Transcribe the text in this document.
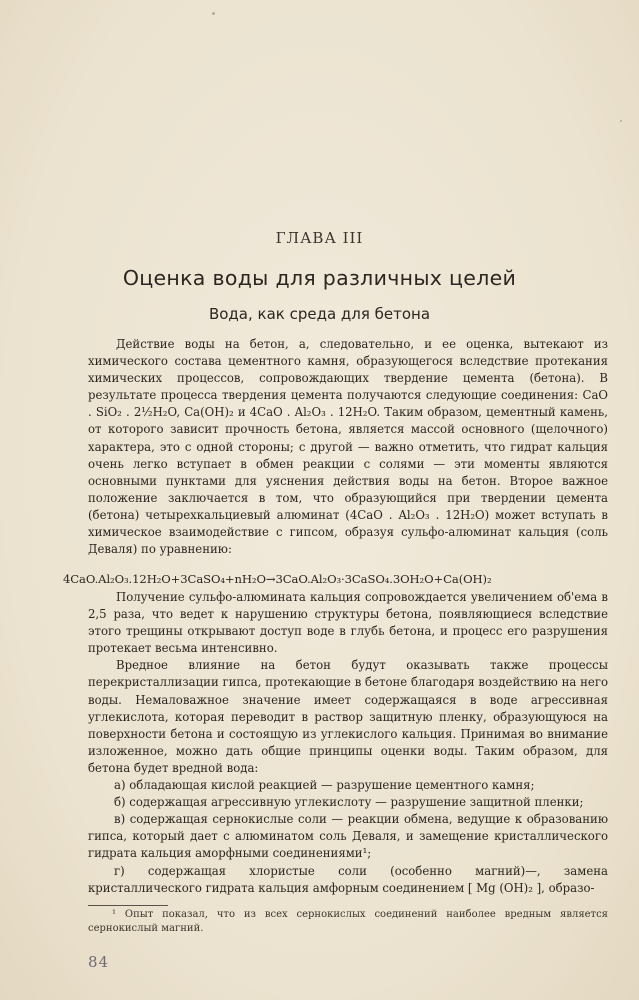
ГЛАВА III
Оценка воды для различных целей
Вода, как среда для бетона

Действие воды на бетон, а, следовательно, и ее оценка, вытекают из химического состава цементного камня, образующегося вследствие протекания химических процессов, сопровождающих твердение цемента (бетона). В результате процесса твердения цемента получаются следующие соединения: CaO . SiO₂ . 2½H₂O, Ca(OH)₂ и 4CaO . Al₂O₃ . 12H₂O. Таким образом, цементный камень, от которого зависит прочность бетона, является массой основного (щелочного) характера, это с одной стороны; с другой — важно отметить, что гидрат кальция очень легко вступает в обмен реакции с солями — эти моменты являются основными пунктами для уяснения действия воды на бетон. Второе важное положение заключается в том, что образующийся при твердении цемента (бетона) четырехкальциевый алюминат (4CaO . Al₂O₃ . 12H₂O) может вступать в химическое взаимодействие с гипсом, образуя сульфо-алюминат кальция (соль Деваля) по уравнению:

4CaO.Al₂O₃.12H₂O+3CaSO₄+nH₂O→3CaO.Al₂O₃·3CaSO₄.3OH₂O+Ca(OH)₂

Получение сульфо-алюмината кальция сопровождается увеличением об'ема в 2,5 раза, что ведет к нарушению структуры бетона, появляющиеся вследствие этого трещины открывают доступ воде в глубь бетона, и процесс его разрушения протекает весьма интенсивно.

Вредное влияние на бетон будут оказывать также процессы перекристаллизации гипса, протекающие в бетоне благодаря воздействию на него воды. Немаловажное значение имеет содержащаяся в воде агрессивная углекислота, которая переводит в раствор защитную пленку, образующуюся на поверхности бетона и состоящую из углекислого кальция. Принимая во внимание изложенное, можно дать общие принципы оценки воды. Таким образом, для бетона будет вредной вода:

а) обладающая кислой реакцией — разрушение цементного камня;

б) содержащая агрессивную углекислоту — разрушение защитной пленки;

в) содержащая сернокислые соли — реакции обмена, ведущие к образованию гипса, который дает с алюминатом соль Деваля, и замещение кристаллического гидрата кальция аморфными соединениями¹;

г) содержащая хлористые соли (особенно магний)—, замена кристаллического гидрата кальция амфорным соединением [ Mg (OH)₂ ], образо-

¹ Опыт показал, что из всех сернокислых соединений наиболее вредным является сернокислый магний.
84
